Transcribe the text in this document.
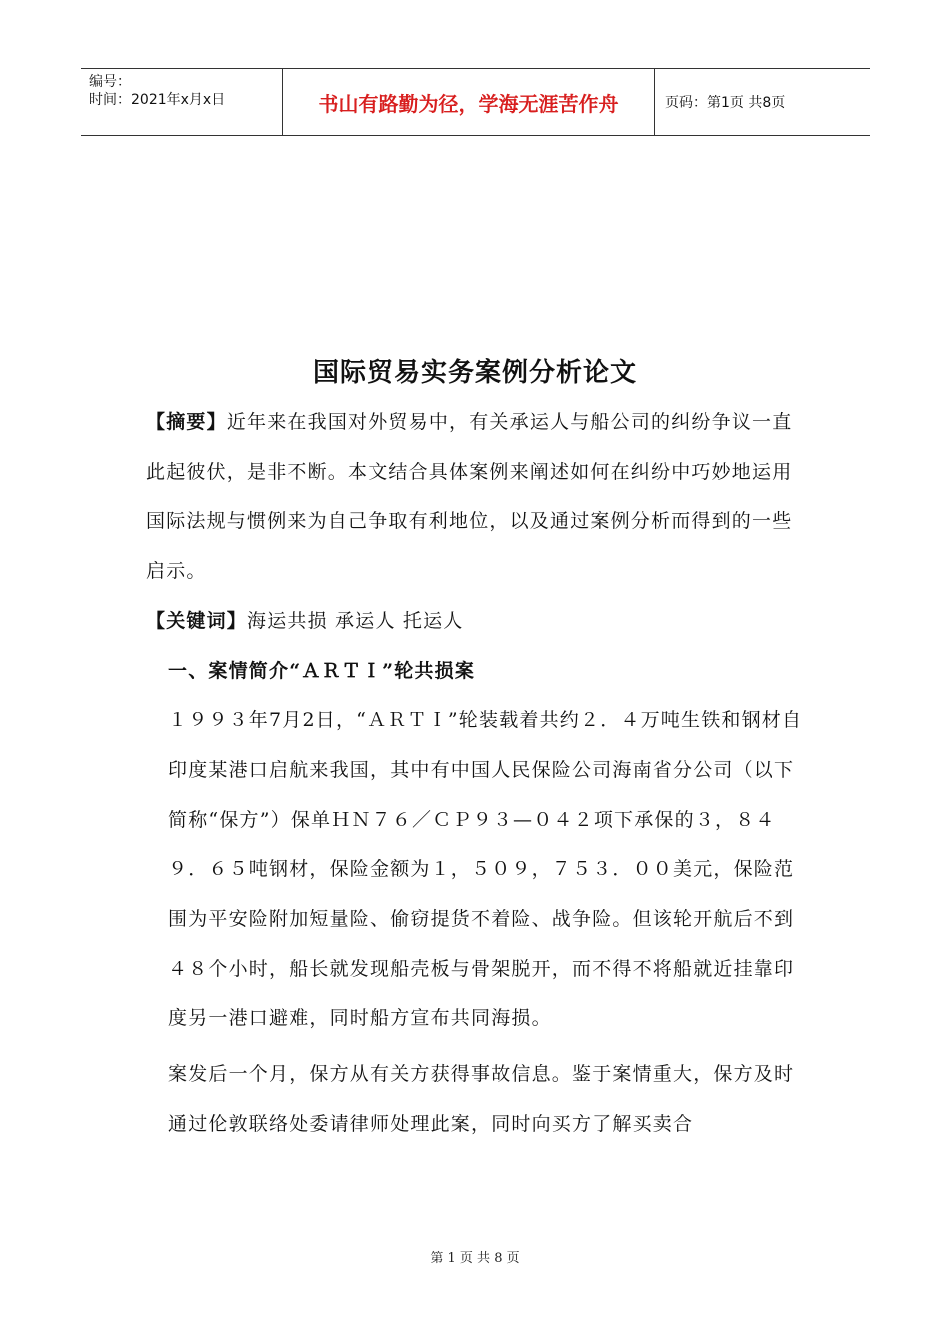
编号：
时间：2021年x月x日	书山有路勤为径，学海无涯苦作舟	页码：第1页 共8页
国际贸易实务案例分析论文
【摘要】近年来在我国对外贸易中，有关承运人与船公司的纠纷争议一直此起彼伏，是非不断。本文结合具体案例来阐述如何在纠纷中巧妙地运用国际法规与惯例来为自己争取有利地位，以及通过案例分析而得到的一些启示。
【关键词】海运共损 承运人 托运人
一、案情简介“ＡＲＴＩ”轮共损案
１９９３年7月2日，“ＡＲＴＩ”轮装载着共约２．４万吨生铁和钢材自印度某港口启航来我国，其中有中国人民保险公司海南省分公司（以下简称“保方”）保单ＨＮ７６／ＣＰ９３—０４２项下承保的３，８４９．６５吨钢材，保险金额为１，５０９，７５３．００美元，保险范围为平安险附加短量险、偷窃提货不着险、战争险。但该轮开航后不到４８个小时，船长就发现船壳板与骨架脱开，而不得不将船就近挂靠印度另一港口避难，同时船方宣布共同海损。
案发后一个月，保方从有关方获得事故信息。鉴于案情重大，保方及时通过伦敦联络处委请律师处理此案，同时向买方了解买卖合
第 1 页 共 8 页
